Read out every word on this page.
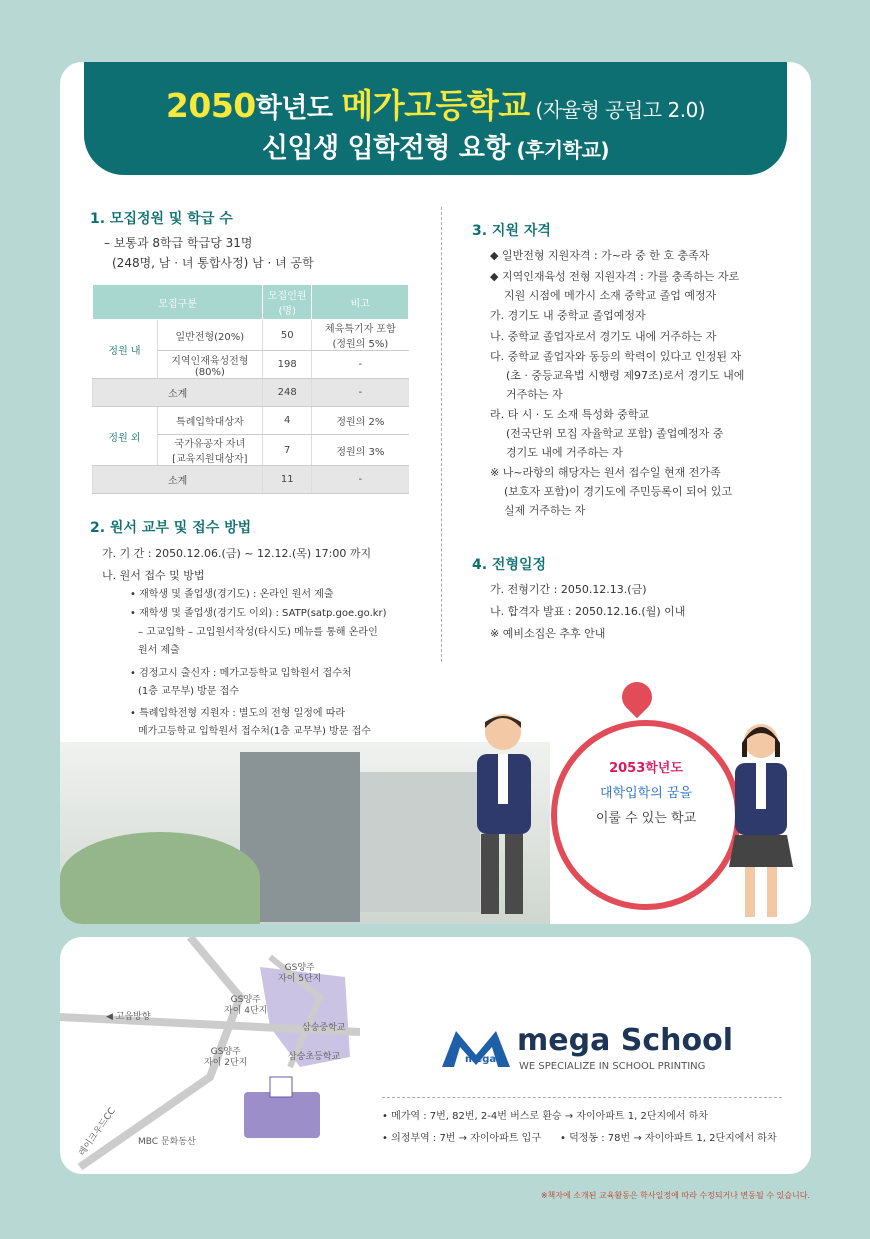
2050학년도 메가고등학교 (자율형 공립고 2.0)
신입생 입학전형 요항 (후기학교)
1. 모집정원 및 학급 수
– 보통과 8학급 학급당 31명
(248명, 남 · 녀 통합사정) 남 · 녀 공학
모집구분		모집인원
(명)	비고
정원 내	일반전형(20%)	50	체육특기자 포함
(정원의 5%)
	지역인재육성전형
(80%)	198	-
소계		248	-
정원 외	특례입학대상자	4	정원의 2%
	국가유공자 자녀
[교육지원대상자]	7	정원의 3%
소계		11	-
2. 원서 교부 및 접수 방법
가. 기 간 : 2050.12.06.(금) ~ 12.12.(목) 17:00 까지
나. 원서 접수 및 방법
• 재학생 및 졸업생(경기도) : 온라인 원서 제출
• 재학생 및 졸업생(경기도 이외) : SATP(satp.goe.go.kr)
– 고교입학 – 고입원서작성(타시도) 메뉴를 통해 온라인
원서 제출
• 검정고시 출신자 : 메가고등학교 입학원서 접수처
(1층 교무부) 방문 접수
• 특례입학전형 지원자 : 별도의 전형 일정에 따라
메가고등학교 입학원서 접수처(1층 교무부) 방문 접수
3. 지원 자격
◆ 일반전형 지원자격 : 가~라 중 한 호 충족자
◆ 지역인재육성 전형 지원자격 : 가를 충족하는 자로
지원 시점에 메가시 소재 중학교 졸업 예정자
가. 경기도 내 중학교 졸업예정자
나. 중학교 졸업자로서 경기도 내에 거주하는 자
다. 중학교 졸업자와 동등의 학력이 있다고 인정된 자
(초 · 중등교육법 시행령 제97조)로서 경기도 내에
거주하는 자
라. 타 시 · 도 소재 특성화 중학교
(전국단위 모집 자율학교 포함) 졸업예정자 중
경기도 내에 거주하는 자
※ 나~라항의 해당자는 원서 접수일 현재 전가족
(보호자 포함)이 경기도에 주민등록이 되어 있고
실제 거주하는 자
4. 전형일정
가. 전형기간 : 2050.12.13.(금)
나. 합격자 발표 : 2050.12.16.(월) 이내
※ 예비소집은 추후 안내
2053학년도
대학입학의 꿈을
이룰 수 있는 학교
GS양주
자이 5단지
GS양주
자이 4단지
삼숭중학교
GS양주
자이 2단지
삼숭초등학교
◀ 고읍방향
레이크우드CC MBC 문화동산
mega
mega School
WE SPECIALIZE IN SCHOOL PRINTING
• 메가역 : 7번, 82번, 2-4번 버스로 환승 → 자이아파트 1, 2단지에서 하차
• 의정부역 : 7번 → 자이아파트 입구 • 덕정동 : 78번 → 자이아파트 1, 2단지에서 하차
※책자에 소개된 교육활동은 학사일정에 따라 수정되거나 변동될 수 있습니다.
